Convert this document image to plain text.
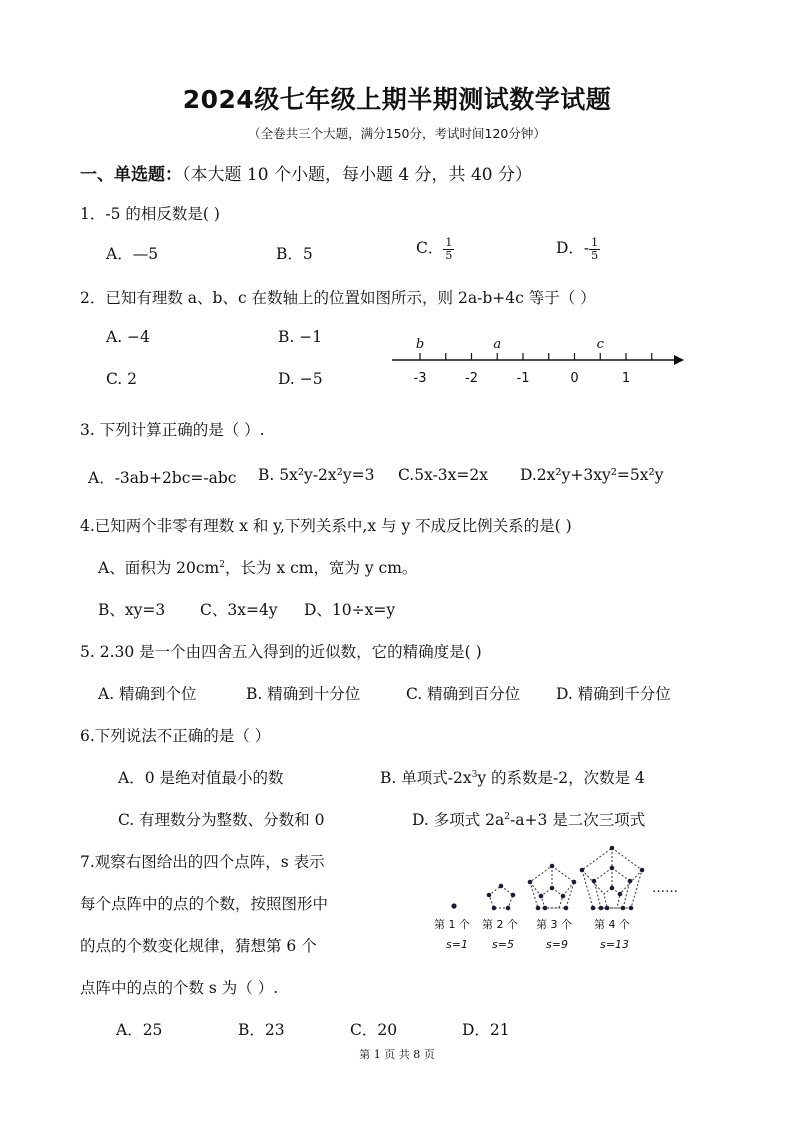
2024级七年级上期半期测试数学试题
（全卷共三个大题，满分150分，考试时间120分钟）
一、单选题：（本大题 10 个小题，每小题 4 分，共 40 分）
1．-5 的相反数是( )
A．—5	B．5	C． $\frac{1}{5}$	D．- $\frac{1}{5}$
2．已知有理数 a、b、c 在数轴上的位置如图所示，则 2a-b+4c 等于（ ）
A. −4	B. −1
C. 2	D. −5	-3	-2	-1	0	1
b	a	c
3. 下列计算正确的是（ ）.
A．-3ab+2bc=-abc B. 5x²y-2x²y=3 C.5x-3x=2x D.2x²y+3xy²=5x²y
4.已知两个非零有理数 x 和 y,下列关系中,x 与 y 不成反比例关系的是( )
A、面积为 $20cm^2$，长为 x cm，宽为 y cm。
B、xy=3 C、3x=4y D、10÷x=y
5. 2.30 是一个由四舍五入得到的近似数，它的精确度是( )
A. 精确到个位	B. 精确到十分位	C. 精确到百分位 D. 精确到千分位
6.下列说法不正确的是（ ）
A．0 是绝对值最小的数	B. 单项式$-2x^3y$ 的系数是-2，次数是 4
C. 有理数分为整数、分数和 0	D. 多项式 $2a^2-a+3$ 是二次三项式
7.观察右图给出的四个点阵，s 表示
每个点阵中的点的个数，按照图形中
的点的个数变化规律，猜想第 6 个
点阵中的点的个数 s 为（ ）.
A．25	B．23	C．20	D．21
……
第 1 个 第 2 个 第 3 个 第 4 个
s=1 s=5	s=9	s=13
第 1 页 共 8 页
